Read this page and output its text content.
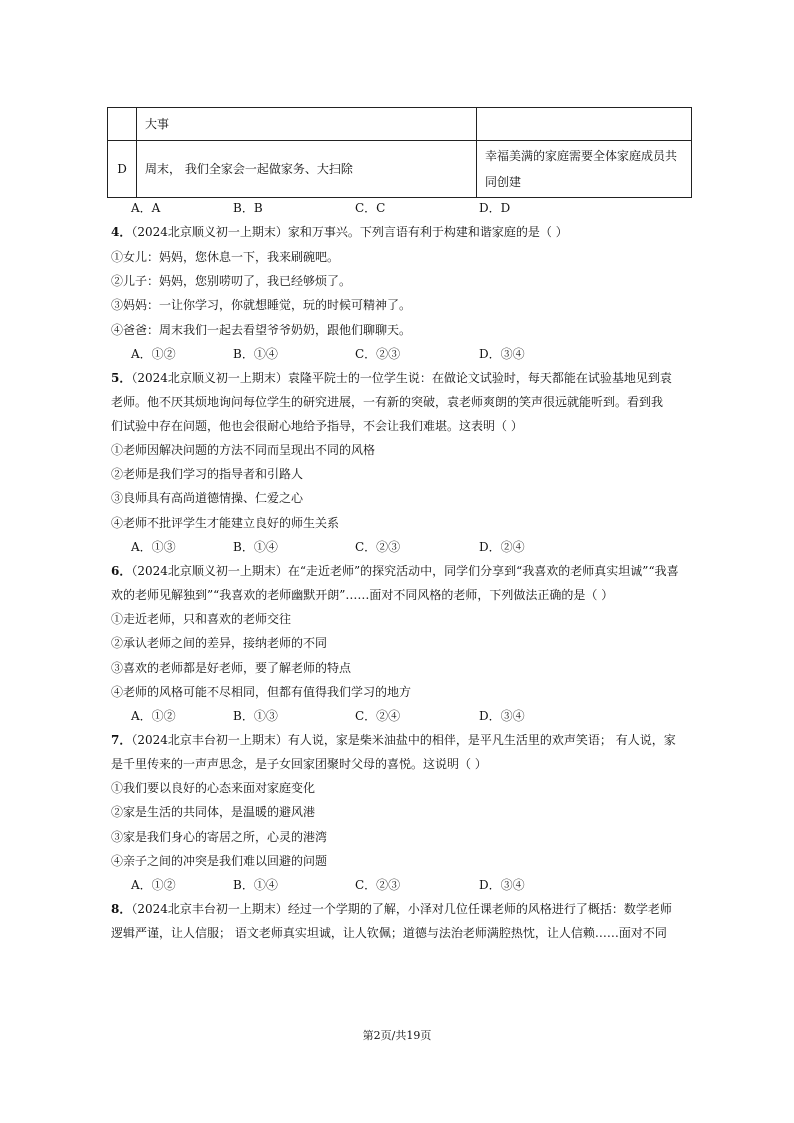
	大事	
D	周末， 我们全家会一起做家务、大扫除	幸福美满的家庭需要全体家庭成员共
同创建
A．A	B．B	C．C	D．D
4．（2024北京顺义初一上期末）家和万事兴。下列言语有利于构建和谐家庭的是（ ）
①女儿：妈妈，您休息一下，我来刷碗吧。
②儿子：妈妈，您别唠叨了，我已经够烦了。
③妈妈：一让你学习，你就想睡觉，玩的时候可精神了。
④爸爸：周末我们一起去看望爷爷奶奶，跟他们聊聊天。
A．①②	B．①④	C．②③	D．③④
5．（2024北京顺义初一上期末）袁隆平院士的一位学生说：在做论文试验时，每天都能在试验基地见到袁
老师。他不厌其烦地询问每位学生的研究进展，一有新的突破，袁老师爽朗的笑声很远就能听到。看到我
们试验中存在问题，他也会很耐心地给予指导，不会让我们难堪。这表明（ ）
①老师因解决问题的方法不同而呈现出不同的风格
②老师是我们学习的指导者和引路人
③良师具有高尚道德情操、仁爱之心
④老师不批评学生才能建立良好的师生关系
A．①③	B．①④	C．②③	D．②④
6．（2024北京顺义初一上期末）在“走近老师”的探究活动中，同学们分享到“我喜欢的老师真实坦诚”“我喜
欢的老师见解独到”“我喜欢的老师幽默开朗”……面对不同风格的老师，下列做法正确的是（ ）
①走近老师，只和喜欢的老师交往
②承认老师之间的差异，接纳老师的不同
③喜欢的老师都是好老师，要了解老师的特点
④老师的风格可能不尽相同，但都有值得我们学习的地方
A．①②	B．①③	C．②④	D．③④
7．（2024北京丰台初一上期末）有人说，家是柴米油盐中的相伴，是平凡生活里的欢声笑语； 有人说，家
是千里传来的一声声思念，是子女回家团聚时父母的喜悦。这说明（ ）
①我们要以良好的心态来面对家庭变化
②家是生活的共同体，是温暖的避风港
③家是我们身心的寄居之所，心灵的港湾
④亲子之间的冲突是我们难以回避的问题
A．①②	B．①④	C．②③	D．③④
8．（2024北京丰台初一上期末）经过一个学期的了解，小泽对几位任课老师的风格进行了概括：数学老师
逻辑严谨，让人信服； 语文老师真实坦诚，让人钦佩；道德与法治老师满腔热忱，让人信赖……面对不同
第2页/共19页
